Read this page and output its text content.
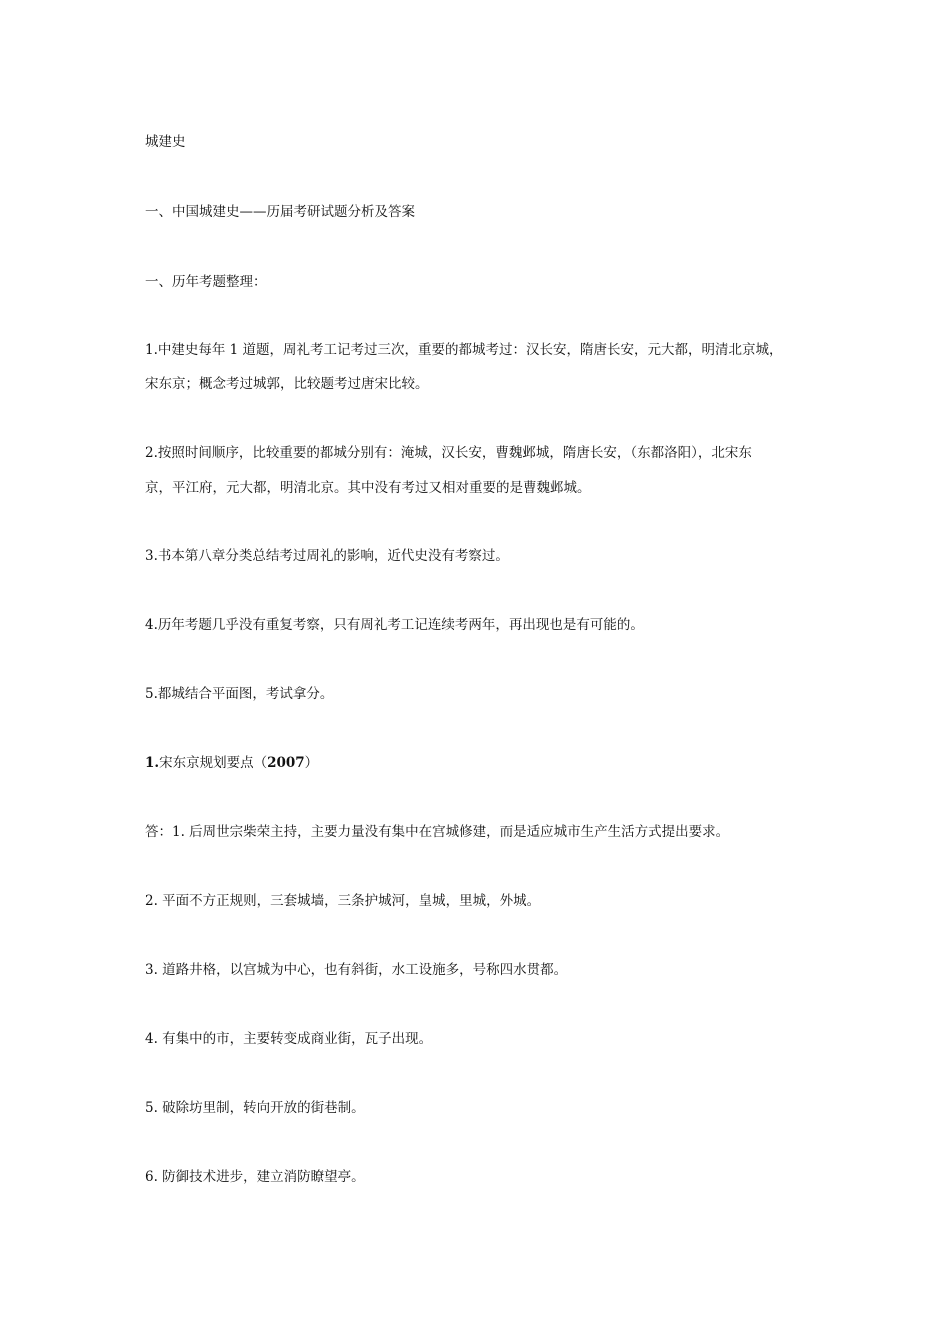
城建史
一、中国城建史——历届考研试题分析及答案
一、历年考题整理：
1.中建史每年 1 道题，周礼考工记考过三次，重要的都城考过：汉长安，隋唐长安，元大都，明清北京城，
宋东京；概念考过城郭，比较题考过唐宋比较。
2.按照时间顺序，比较重要的都城分别有：淹城，汉长安，曹魏邺城，隋唐长安，（东都洛阳），北宋东
京，平江府，元大都，明清北京。其中没有考过又相对重要的是曹魏邺城。
3.书本第八章分类总结考过周礼的影响，近代史没有考察过。
4.历年考题几乎没有重复考察，只有周礼考工记连续考两年，再出现也是有可能的。
5.都城结合平面图，考试拿分。
1.宋东京规划要点（2007）
答：1. 后周世宗柴荣主持，主要力量没有集中在宫城修建，而是适应城市生产生活方式提出要求。
2. 平面不方正规则，三套城墙，三条护城河，皇城，里城，外城。
3. 道路井格，以宫城为中心，也有斜街，水工设施多，号称四水贯都。
4. 有集中的市，主要转变成商业街，瓦子出现。
5. 破除坊里制，转向开放的街巷制。
6. 防御技术进步，建立消防瞭望亭。
